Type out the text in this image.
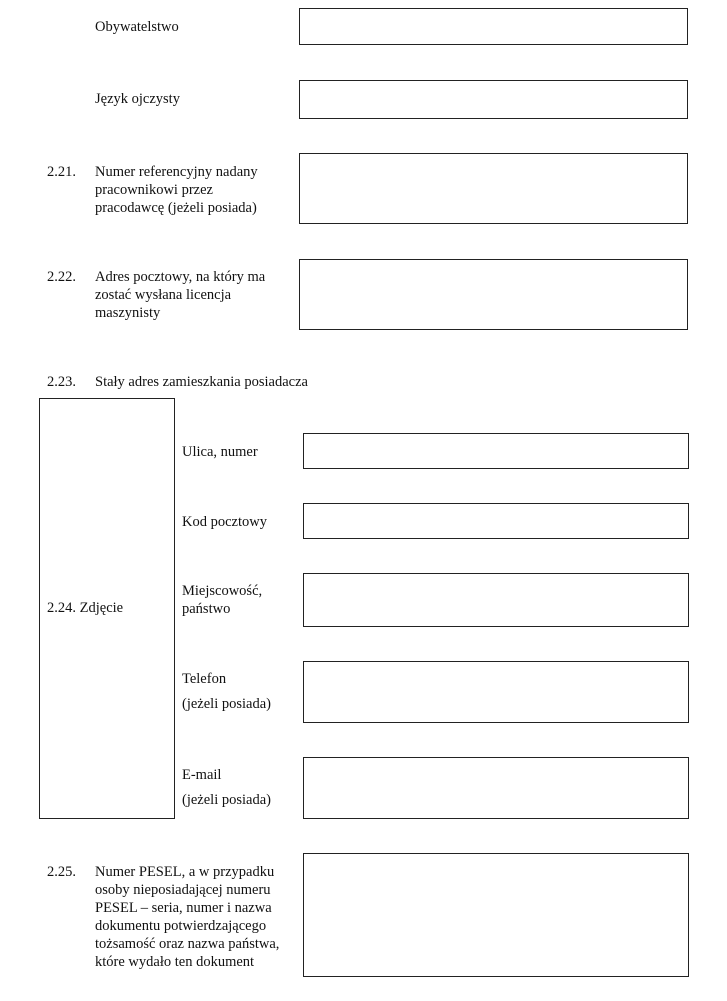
Obywatelstwo
Język ojczysty
2.21. Numer referencyjny nadany
pracownikowi przez
pracodawcę (jeżeli posiada)
2.22. Adres pocztowy, na który ma
zostać wysłana licencja
maszynisty
2.23. Stały adres zamieszkania posiadacza
2.24. Zdjęcie
Ulica, numer
Kod pocztowy
Miejscowość,
państwo
Telefon
(jeżeli posiada)
E-mail
(jeżeli posiada)
2.25. Numer PESEL, a w przypadku
osoby nieposiadającej numeru
PESEL – seria, numer i nazwa
dokumentu potwierdzającego
tożsamość oraz nazwa państwa,
które wydało ten dokument
